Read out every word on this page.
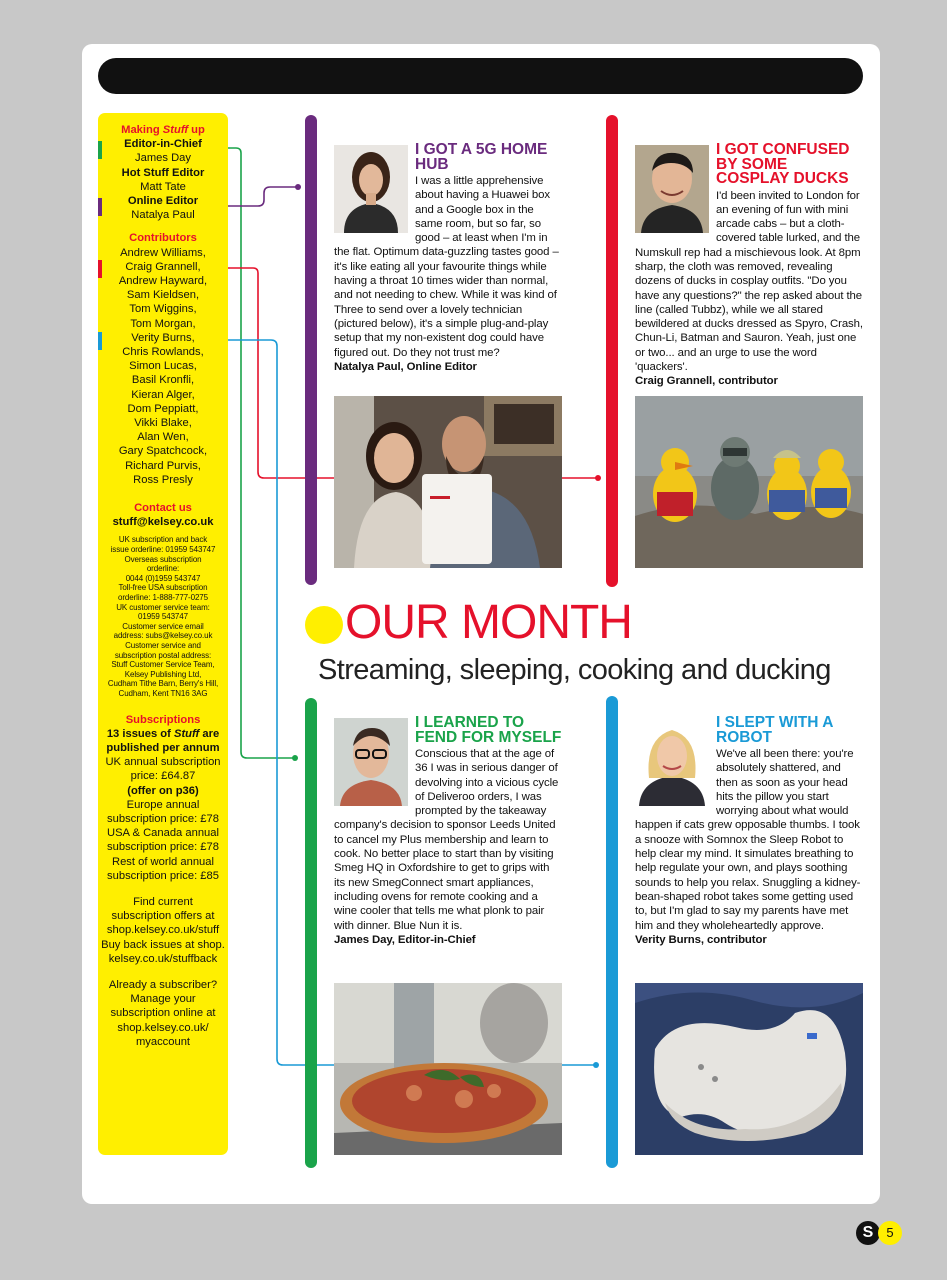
Making Stuff up
Editor-in-Chief
James Day
Hot Stuff Editor
Matt Tate
Online Editor
Natalya Paul
Contributors
Andrew Williams,
Craig Grannell,
Andrew Hayward,
Sam Kieldsen,
Tom Wiggins,
Tom Morgan,
Verity Burns,
Chris Rowlands,
Simon Lucas,
Basil Kronfli,
Kieran Alger,
Dom Peppiatt,
Vikki Blake,
Alan Wen,
Gary Spatchcock,
Richard Purvis,
Ross Presly
Contact us
stuff@kelsey.co.uk
UK subscription and back
issue orderline: 01959 543747
Overseas subscription
orderline:
0044 (0)1959 543747
Toll-free USA subscription
orderline: 1-888-777-0275
UK customer service team:
01959 543747
Customer service email
address: subs@kelsey.co.uk
Customer service and
subscription postal address:
Stuff Customer Service Team,
Kelsey Publishing Ltd,
Cudham Tithe Barn, Berry's Hill,
Cudham, Kent TN16 3AG
Subscriptions
13 issues of Stuff are
published per annum
UK annual subscription
price: £64.87
(offer on p36)
Europe annual
subscription price: £78
USA & Canada annual
subscription price: £78
Rest of world annual
subscription price: £85
Find current
subscription offers at
shop.kelsey.co.uk/stuff
Buy back issues at shop.
kelsey.co.uk/stuffback
Already a subscriber?
Manage your
subscription online at
shop.kelsey.co.uk/
myaccount
OUR MONTH
Streaming, sleeping, cooking and ducking
I GOT A 5G HOME HUB

I was a little apprehensive about having a Huawei box and a Google box in the same room, but so far, so good – at least when I'm in the flat. Optimum data-guzzling tastes good – it's like eating all your favourite things while having a throat 10 times wider than normal, and not needing to chew. While it was kind of Three to send over a lovely technician (pictured below), it's a simple plug-and-play setup that my non-existent dog could have figured out. Do they not trust me?

Natalya Paul, Online Editor
I GOT CONFUSED BY SOME COSPLAY DUCKS

I'd been invited to London for an evening of fun with mini arcade cabs – but a cloth-covered table lurked, and the Numskull rep had a mischievous look. At 8pm sharp, the cloth was removed, revealing dozens of ducks in cosplay outfits. "Do you have any questions?" the rep asked about the line (called Tubbz), while we all stared bewildered at ducks dressed as Spyro, Crash, Chun-Li, Batman and Sauron. Yeah, just one or two... and an urge to use the word 'quackers'.

Craig Grannell, contributor
I LEARNED TO FEND FOR MYSELF

Conscious that at the age of 36 I was in serious danger of devolving into a vicious cycle of Deliveroo orders, I was prompted by the takeaway company's decision to sponsor Leeds United to cancel my Plus membership and learn to cook. No better place to start than by visiting Smeg HQ in Oxfordshire to get to grips with its new SmegConnect smart appliances, including ovens for remote cooking and a wine cooler that tells me what plonk to pair with dinner. Blue Nun it is.

James Day, Editor-in-Chief
I SLEPT WITH A ROBOT

We've all been there: you're absolutely shattered, and then as soon as your head hits the pillow you start worrying about what would happen if cats grew opposable thumbs. I took a snooze with Somnox the Sleep Robot to help clear my mind. It simulates breathing to help regulate your own, and plays soothing sounds to help you relax. Snuggling a kidney-bean-shaped robot takes some getting used to, but I'm glad to say my parents have met him and they wholeheartedly approve.

Verity Burns, contributor
S	5
